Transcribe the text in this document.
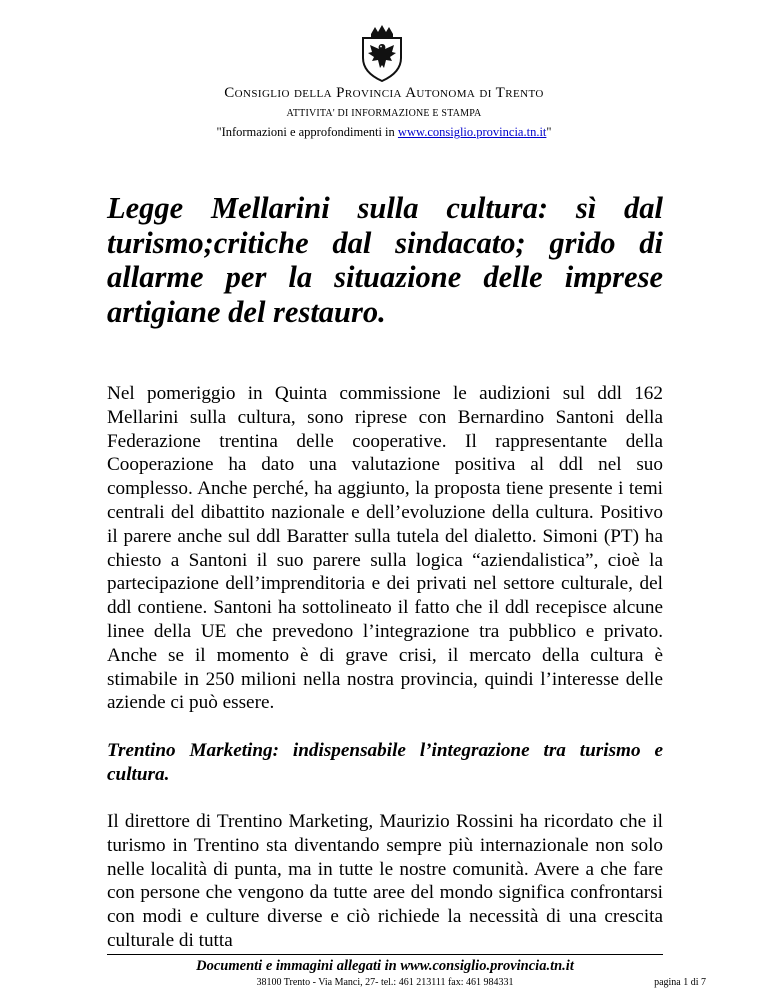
Consiglio della Provincia Autonoma di Trento
ATTIVITA' DI INFORMAZIONE E STAMPA
"Informazioni e approfondimenti in www.consiglio.provincia.tn.it"
Legge Mellarini sulla cultura: sì dal turismo;critiche dal sindacato; grido di allarme per la situazione delle imprese artigiane del restauro.

Nel pomeriggio in Quinta commissione le audizioni sul ddl 162 Mellarini sulla cultura, sono riprese con Bernardino Santoni della Federazione trentina delle cooperative. Il rappresentante della Cooperazione ha dato una valutazione positiva al ddl nel suo complesso. Anche perché, ha aggiunto, la proposta tiene presente i temi centrali del dibattito nazionale e dell’evoluzione della cultura. Positivo il parere anche sul ddl Baratter sulla tutela del dialetto. Simoni (PT) ha chiesto a Santoni il suo parere sulla logica “aziendalistica”, cioè la partecipazione dell’imprenditoria e dei privati nel settore culturale, del ddl contiene. Santoni ha sottolineato il fatto che il ddl recepisce alcune linee della UE che prevedono l’integrazione tra pubblico e privato. Anche se il momento è di grave crisi, il mercato della cultura è stimabile in 250 milioni nella nostra provincia, quindi l’interesse delle aziende ci può essere.

Trentino Marketing: indispensabile l’integrazione tra turismo e cultura.

Il direttore di Trentino Marketing, Maurizio Rossini ha ricordato che il turismo in Trentino sta diventando sempre più internazionale non solo nelle località di punta, ma in tutte le nostre comunità. Avere a che fare con persone che vengono da tutte aree del mondo significa confrontarsi con modi e culture diverse e ciò richiede la necessità di una crescita culturale di tutta

Documenti e immagini allegati in www.consiglio.provincia.tn.it
38100 Trento - Via Manci, 27- tel.: 461 213111 fax: 461 984331	pagina 1 di 7
